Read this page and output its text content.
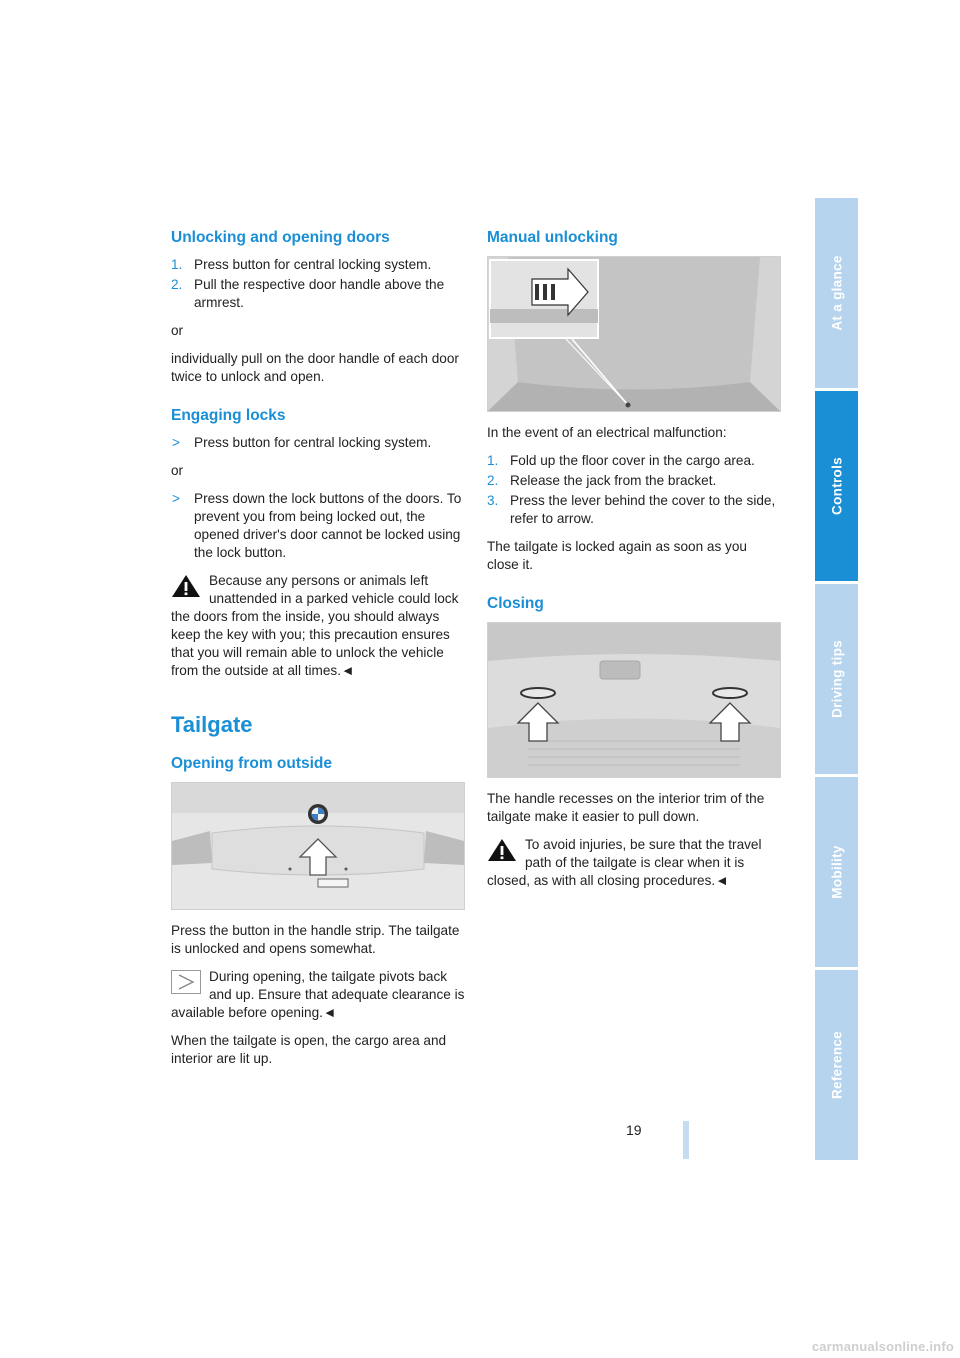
Unlocking and opening doors
1. Press button for central locking system.
2. Pull the respective door handle above the armrest.

or

individually pull on the door handle of each door twice to unlock and open.

Engaging locks
> Press button for central locking system.

or

> Press down the lock buttons of the doors. To prevent you from being locked out, the opened driver's door cannot be locked using the lock button.
Because any persons or animals left unattended in a parked vehicle could lock the doors from the inside, you should always keep the key with you; this precaution ensures that you will remain able to unlock the vehicle from the outside at all times.◄
Tailgate
Opening from outside

Press the button in the handle strip. The tailgate is unlocked and opens somewhat.

During opening, the tailgate pivots back and up. Ensure that adequate clearance is available before opening.◄

When the tailgate is open, the cargo area and interior are lit up.

Manual unlocking

In the event of an electrical malfunction:

1. Fold up the floor cover in the cargo area.
2. Release the jack from the bracket.
3. Press the lever behind the cover to the side, refer to arrow.

The tailgate is locked again as soon as you close it.

Closing

The handle recesses on the interior trim of the tailgate make it easier to pull down.

To avoid injuries, be sure that the travel path of the tailgate is clear when it is closed, as with all closing procedures.◄
At a glance
Controls
Driving tips
Mobility
Reference
19
Online Edition for Part-No. 01 41 0 158 448 - © 09/04 BMW AG
carmanualsonline.info
